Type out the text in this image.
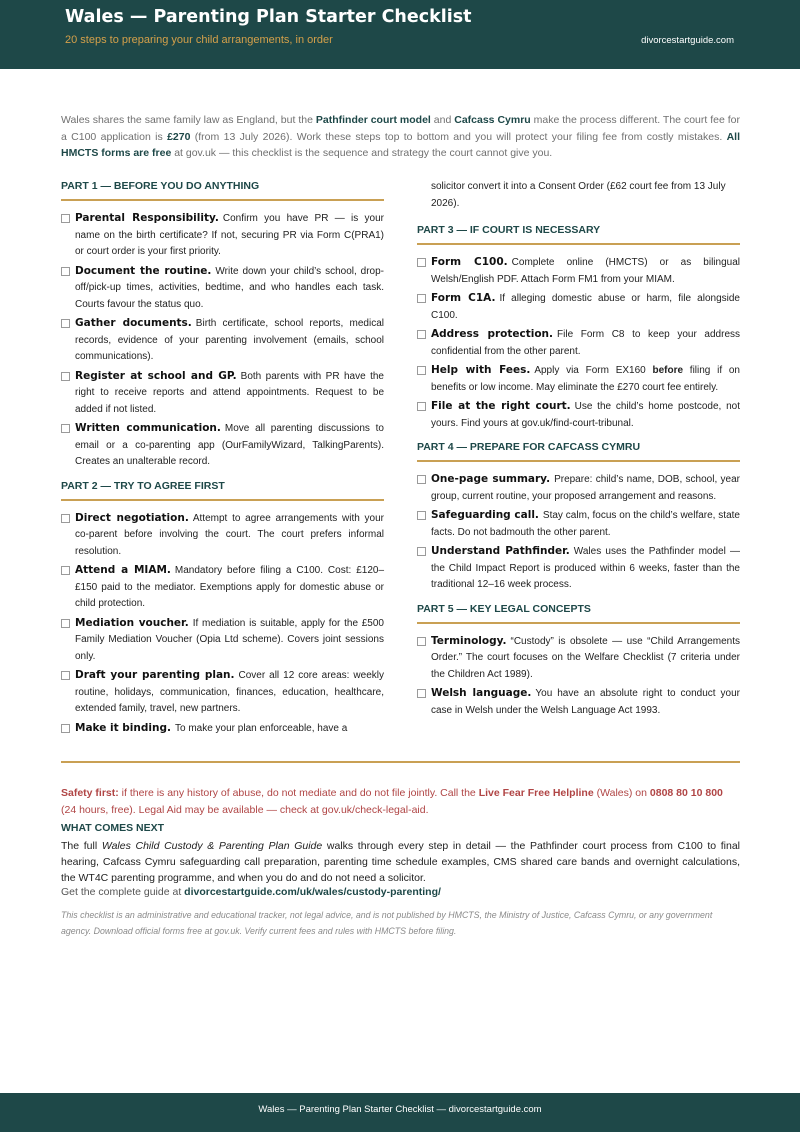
Wales — Parenting Plan Starter Checklist
20 steps to preparing your child arrangements, in order	divorcestartguide.com

Wales shares the same family law as England, but the Pathfinder court model and Cafcass Cymru make the process different. The court fee for a C100 application is £270 (from 13 July 2026). Work these steps top to bottom and you will protect your filing fee from costly mistakes. All HMCTS forms are free at gov.uk — this checklist is the sequence and strategy the court cannot give you.

PART 1 — BEFORE YOU DO ANYTHING
Parental Responsibility. Confirm you have PR — is your name on the birth certificate? If not, securing PR via Form C(PRA1) or court order is your first priority.
Document the routine. Write down your child’s school, drop-off/pick-up times, activities, bedtime, and who handles each task. Courts favour the status quo.
Gather documents. Birth certificate, school reports, medical records, evidence of your parenting involvement (emails, school communications).
Register at school and GP. Both parents with PR have the right to receive reports and attend appointments. Request to be added if not listed.
Written communication. Move all parenting discussions to email or a co-parenting app (OurFamilyWizard, TalkingParents). Creates an unalterable record.
PART 2 — TRY TO AGREE FIRST
Direct negotiation. Attempt to agree arrangements with your co-parent before involving the court. The court prefers informal resolution.
Attend a MIAM. Mandatory before filing a C100. Cost: £120–£150 paid to the mediator. Exemptions apply for domestic abuse or child protection.
Mediation voucher. If mediation is suitable, apply for the £500 Family Mediation Voucher (Opia Ltd scheme). Covers joint sessions only.
Draft your parenting plan. Cover all 12 core areas: weekly routine, holidays, communication, finances, education, healthcare, extended family, travel, new partners.
Make it binding. To make your plan enforceable, have a
solicitor convert it into a Consent Order (£62 court fee from 13 July 2026).
PART 3 — IF COURT IS NECESSARY
Form C100. Complete online (HMCTS) or as bilingual Welsh/English PDF. Attach Form FM1 from your MIAM.
Form C1A. If alleging domestic abuse or harm, file alongside C100.
Address protection. File Form C8 to keep your address confidential from the other parent.
Help with Fees. Apply via Form EX160 before filing if on benefits or low income. May eliminate the £270 court fee entirely.
File at the right court. Use the child’s home postcode, not yours. Find yours at gov.uk/find-court-tribunal.
PART 4 — PREPARE FOR CAFCASS CYMRU
One-page summary. Prepare: child’s name, DOB, school, year group, current routine, your proposed arrangement and reasons.
Safeguarding call. Stay calm, focus on the child’s welfare, state facts. Do not badmouth the other parent.
Understand Pathfinder. Wales uses the Pathfinder model — the Child Impact Report is produced within 6 weeks, faster than the traditional 12–16 week process.
PART 5 — KEY LEGAL CONCEPTS
Terminology. “Custody” is obsolete — use “Child Arrangements Order.” The court focuses on the Welfare Checklist (7 criteria under the Children Act 1989).
Welsh language. You have an absolute right to conduct your case in Welsh under the Welsh Language Act 1993.

Safety first: if there is any history of abuse, do not mediate and do not file jointly. Call the Live Fear Free Helpline (Wales) on 0808 80 10 800 (24 hours, free). Legal Aid may be available — check at gov.uk/check-legal-aid.

WHAT COMES NEXT

The full Wales Child Custody & Parenting Plan Guide walks through every step in detail — the Pathfinder court process from C100 to final hearing, Cafcass Cymru safeguarding call preparation, parenting time schedule examples, CMS shared care bands and overnight calculations, the WT4C parenting programme, and when you do and do not need a solicitor.

Get the complete guide at divorcestartguide.com/uk/wales/custody-parenting/

This checklist is an administrative and educational tracker, not legal advice, and is not published by HMCTS, the Ministry of Justice, Cafcass Cymru, or any government agency. Download official forms free at gov.uk. Verify current fees and rules with HMCTS before filing.

Wales — Parenting Plan Starter Checklist — divorcestartguide.com
